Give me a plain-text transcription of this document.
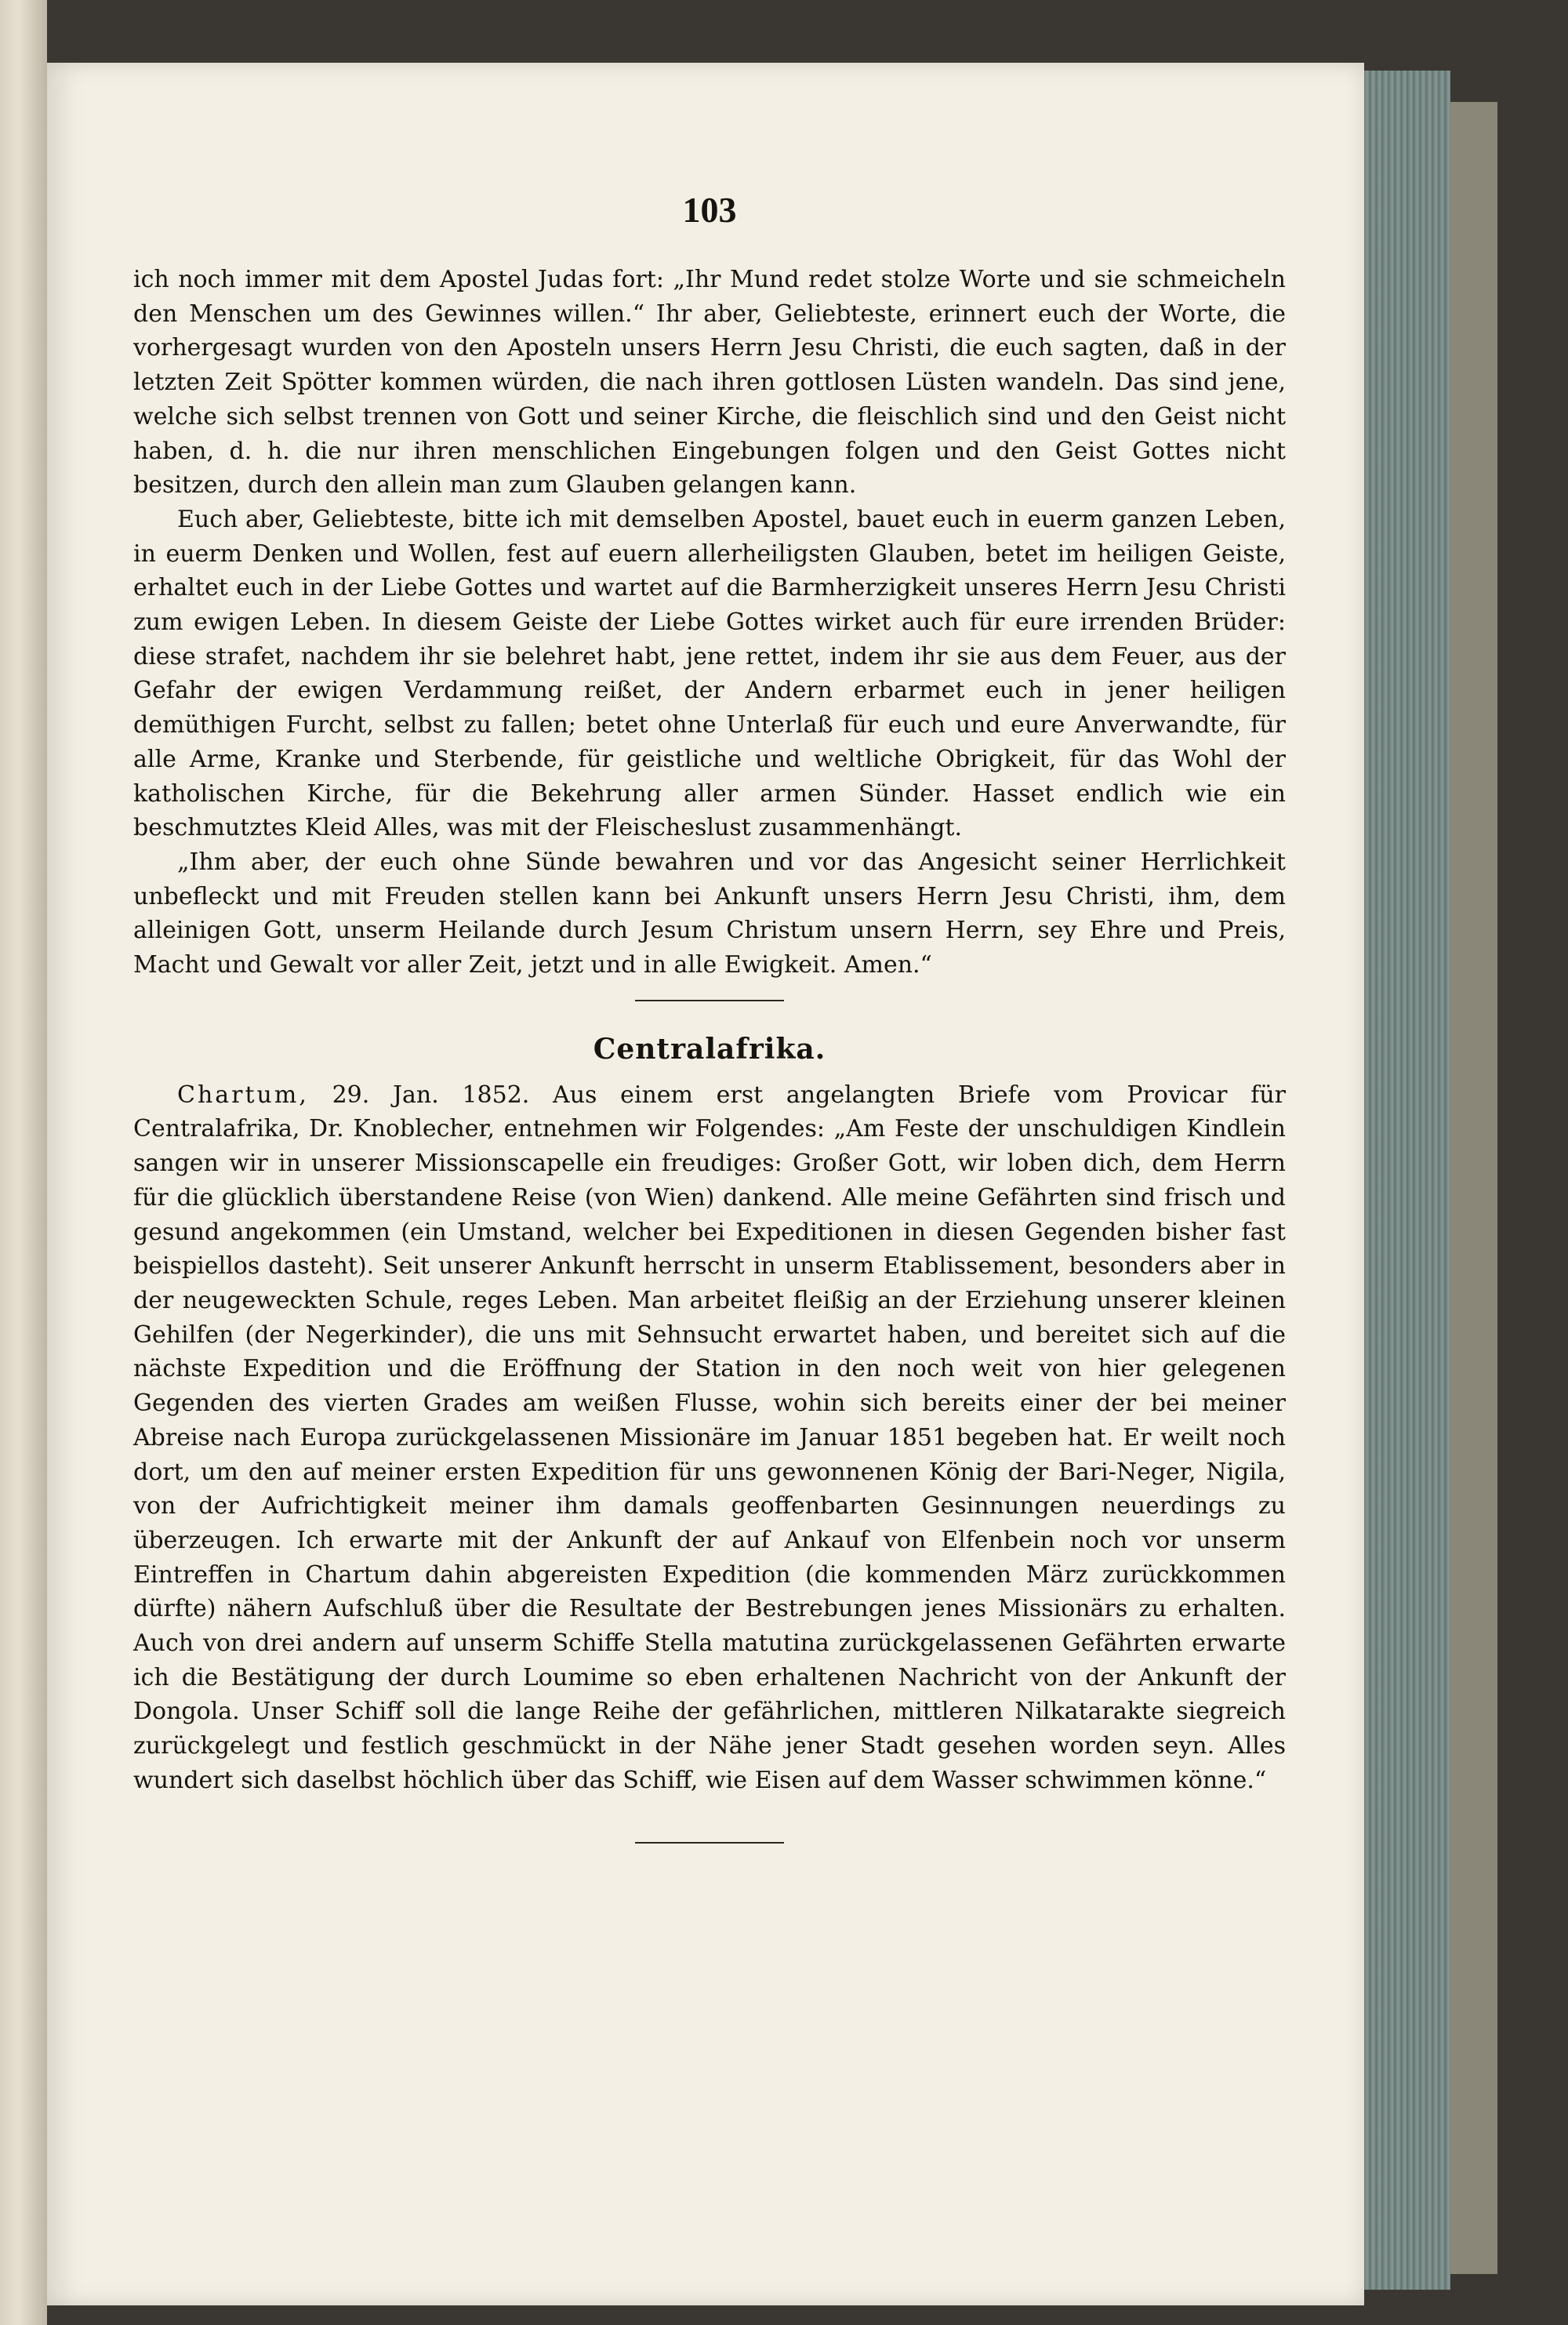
103

ich noch immer mit dem Apostel Judas fort: „Ihr Mund redet stolze Worte und sie schmeicheln den Menschen um des Gewinnes willen.“ Ihr aber, Geliebteste, erinnert euch der Worte, die vorhergesagt wurden von den Aposteln unsers Herrn Jesu Christi, die euch sagten, daß in der letzten Zeit Spötter kommen würden, die nach ihren gottlosen Lüsten wandeln. Das sind jene, welche sich selbst trennen von Gott und seiner Kirche, die fleischlich sind und den Geist nicht haben, d. h. die nur ihren menschlichen Eingebungen folgen und den Geist Gottes nicht besitzen, durch den allein man zum Glauben gelangen kann.

Euch aber, Geliebteste, bitte ich mit demselben Apostel, bauet euch in euerm ganzen Leben, in euerm Denken und Wollen, fest auf euern allerheiligsten Glauben, betet im heiligen Geiste, erhaltet euch in der Liebe Gottes und wartet auf die Barmherzigkeit unseres Herrn Jesu Christi zum ewigen Leben. In diesem Geiste der Liebe Gottes wirket auch für eure irrenden Brüder: diese strafet, nachdem ihr sie belehret habt, jene rettet, indem ihr sie aus dem Feuer, aus der Gefahr der ewigen Verdammung reißet, der Andern erbarmet euch in jener heiligen demüthigen Furcht, selbst zu fallen; betet ohne Unterlaß für euch und eure Anverwandte, für alle Arme, Kranke und Sterbende, für geistliche und weltliche Obrigkeit, für das Wohl der katholischen Kirche, für die Bekehrung aller armen Sünder. Hasset endlich wie ein beschmutztes Kleid Alles, was mit der Fleischeslust zusammenhängt.

„Ihm aber, der euch ohne Sünde bewahren und vor das Angesicht seiner Herrlichkeit unbefleckt und mit Freuden stellen kann bei Ankunft unsers Herrn Jesu Christi, ihm, dem alleinigen Gott, unserm Heilande durch Jesum Christum unsern Herrn, sey Ehre und Preis, Macht und Gewalt vor aller Zeit, jetzt und in alle Ewigkeit. Amen.“

Centralafrika.

Chartum, 29. Jan. 1852. Aus einem erst angelangten Briefe vom Provicar für Centralafrika, Dr. Knoblecher, entnehmen wir Folgendes: „Am Feste der unschuldigen Kindlein sangen wir in unserer Missionscapelle ein freudiges: Großer Gott, wir loben dich, dem Herrn für die glücklich überstandene Reise (von Wien) dankend. Alle meine Gefährten sind frisch und gesund angekommen (ein Umstand, welcher bei Expeditionen in diesen Gegenden bisher fast beispiellos dasteht). Seit unserer Ankunft herrscht in unserm Etablissement, besonders aber in der neugeweckten Schule, reges Leben. Man arbeitet fleißig an der Erziehung unserer kleinen Gehilfen (der Negerkinder), die uns mit Sehnsucht erwartet haben, und bereitet sich auf die nächste Expedition und die Eröffnung der Station in den noch weit von hier gelegenen Gegenden des vierten Grades am weißen Flusse, wohin sich bereits einer der bei meiner Abreise nach Europa zurückgelassenen Missionäre im Januar 1851 begeben hat. Er weilt noch dort, um den auf meiner ersten Expedition für uns gewonnenen König der Bari-Neger, Nigila, von der Aufrichtigkeit meiner ihm damals geoffenbarten Gesinnungen neuerdings zu überzeugen. Ich erwarte mit der Ankunft der auf Ankauf von Elfenbein noch vor unserm Eintreffen in Chartum dahin abgereisten Expedition (die kommenden März zurückkommen dürfte) nähern Aufschluß über die Resultate der Bestrebungen jenes Missionärs zu erhalten. Auch von drei andern auf unserm Schiffe Stella matutina zurückgelassenen Gefährten erwarte ich die Bestätigung der durch Loumime so eben erhaltenen Nachricht von der Ankunft der Dongola. Unser Schiff soll die lange Reihe der gefährlichen, mittleren Nilkatarakte siegreich zurückgelegt und festlich geschmückt in der Nähe jener Stadt gesehen worden seyn. Alles wundert sich daselbst höchlich über das Schiff, wie Eisen auf dem Wasser schwimmen könne.“
